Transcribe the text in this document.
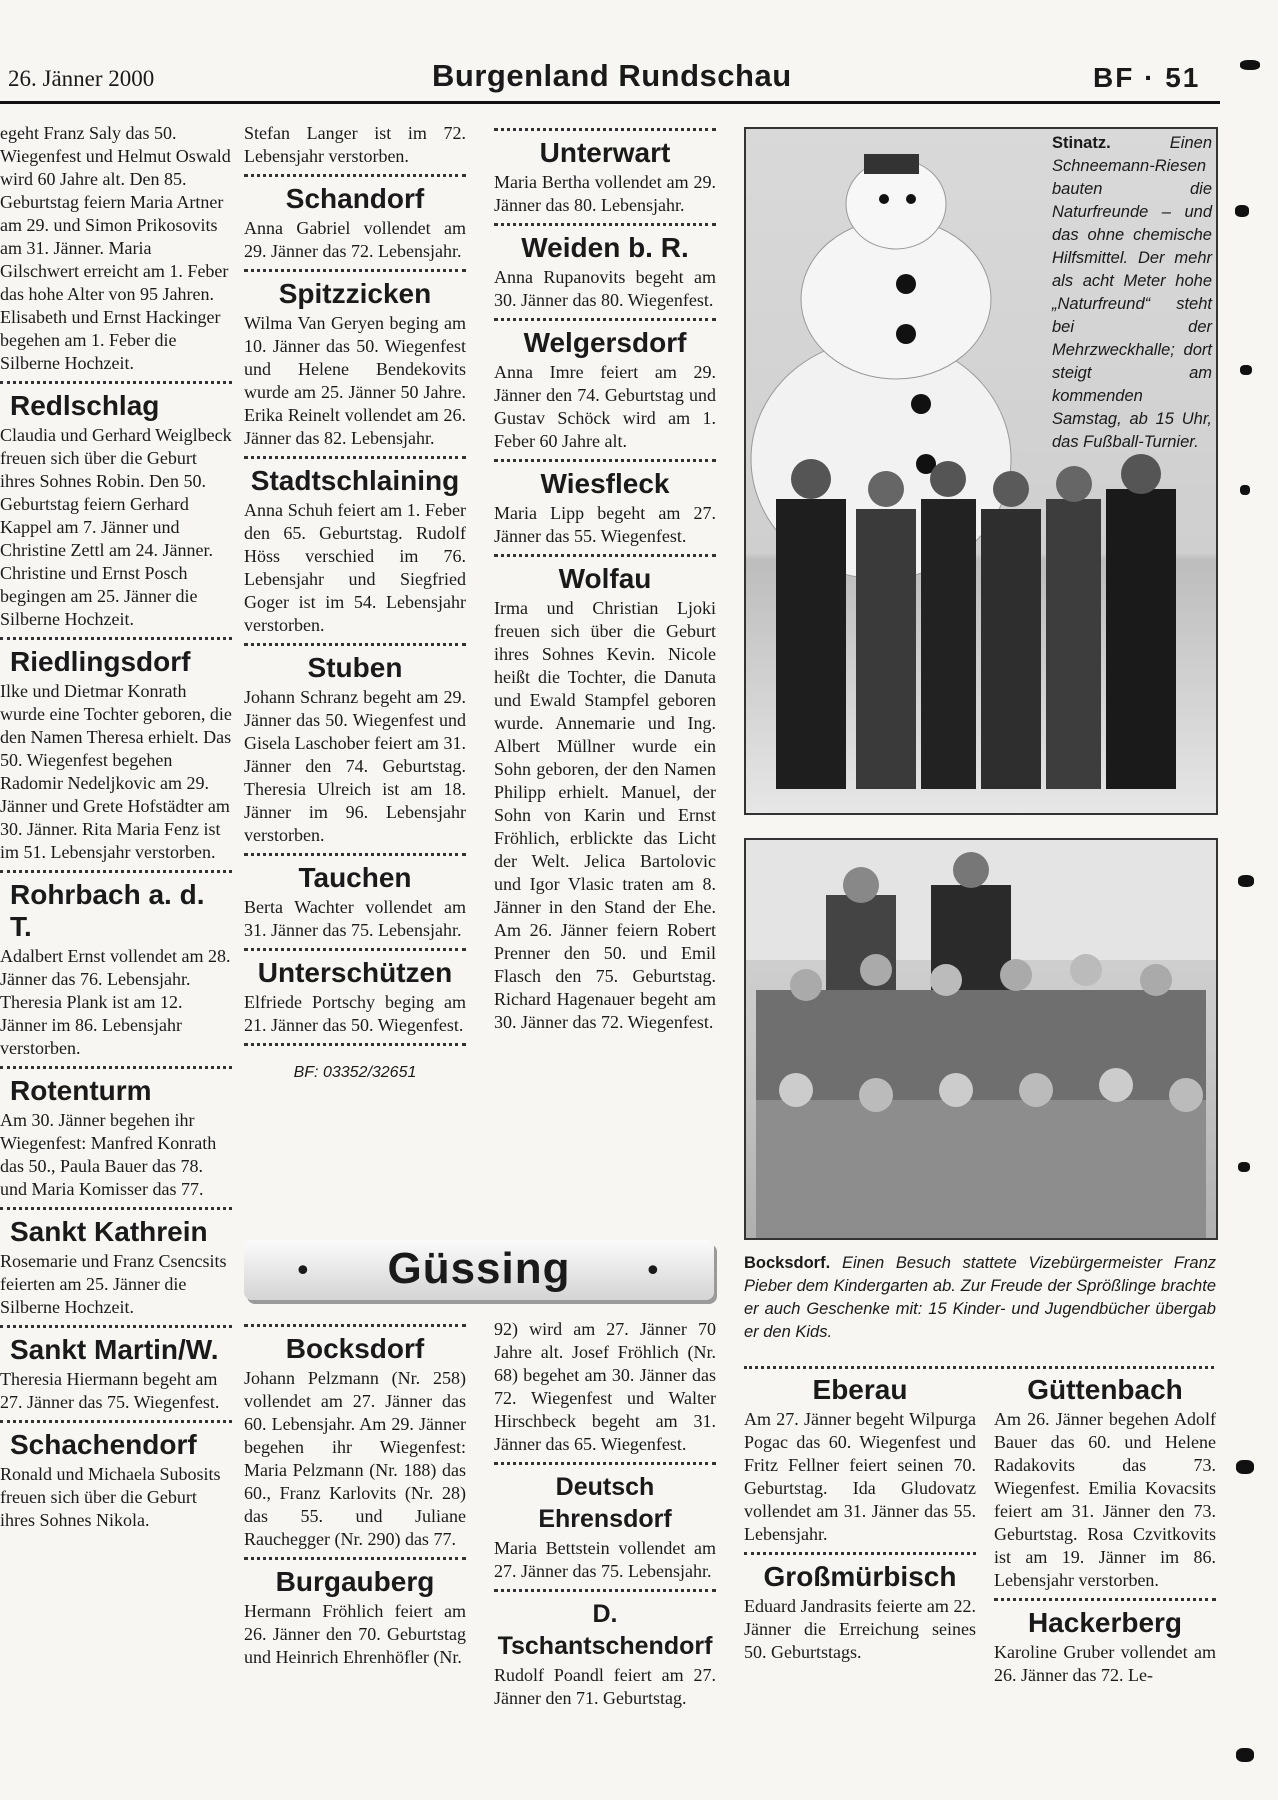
26. Jänner 2000	Burgenland Rundschau	BF · 51
egeht Franz Saly das 50. Wiegenfest und Helmut Oswald wird 60 Jahre alt. Den 85. Geburtstag feiern Maria Artner am 29. und Simon Prikosovits am 31. Jänner. Maria Gilschwert erreicht am 1. Feber das hohe Alter von 95 Jahren. Elisabeth und Ernst Hackinger begehen am 1. Feber die Silberne Hochzeit.
Redlschlag
Claudia und Gerhard Weiglbeck freuen sich über die Geburt ihres Sohnes Robin. Den 50. Geburtstag feiern Gerhard Kappel am 7. Jänner und Christine Zettl am 24. Jänner. Christine und Ernst Posch begingen am 25. Jänner die Silberne Hochzeit.
Riedlingsdorf
Ilke und Dietmar Konrath wurde eine Tochter geboren, die den Namen Theresa erhielt. Das 50. Wiegenfest begehen Radomir Nedeljkovic am 29. Jänner und Grete Hofstädter am 30. Jänner. Rita Maria Fenz ist im 51. Lebensjahr verstorben.
Rohrbach a. d. T.
Adalbert Ernst vollendet am 28. Jänner das 76. Lebensjahr. Theresia Plank ist am 12. Jänner im 86. Lebensjahr verstorben.
Rotenturm
Am 30. Jänner begehen ihr Wiegenfest: Manfred Konrath das 50., Paula Bauer das 78. und Maria Komisser das 77.
Sankt Kathrein
Rosemarie und Franz Csencsits feierten am 25. Jänner die Silberne Hochzeit.
Sankt Martin/W.
Theresia Hiermann begeht am 27. Jänner das 75. Wiegenfest.
Schachendorf
Ronald und Michaela Subosits freuen sich über die Geburt ihres Sohnes Nikola.
Stefan Langer ist im 72. Lebensjahr verstorben.
Schandorf
Anna Gabriel vollendet am 29. Jänner das 72. Lebensjahr.
Spitzzicken
Wilma Van Geryen beging am 10. Jänner das 50. Wiegenfest und Helene Bendekovits wurde am 25. Jänner 50 Jahre. Erika Reinelt vollendet am 26. Jänner das 82. Lebensjahr.
Stadtschlaining
Anna Schuh feiert am 1. Feber den 65. Geburtstag. Rudolf Höss verschied im 76. Lebensjahr und Siegfried Goger ist im 54. Lebensjahr verstorben.
Stuben
Johann Schranz begeht am 29. Jänner das 50. Wiegenfest und Gisela Laschober feiert am 31. Jänner den 74. Geburtstag. Theresia Ulreich ist am 18. Jänner im 96. Lebensjahr verstorben.
Tauchen
Berta Wachter vollendet am 31. Jänner das 75. Lebensjahr.
Unterschützen
Elfriede Portschy beging am 21. Jänner das 50. Wiegenfest.
BF: 03352/32651
Unterwart
Maria Bertha vollendet am 29. Jänner das 80. Lebensjahr.
Weiden b. R.
Anna Rupanovits begeht am 30. Jänner das 80. Wiegenfest.
Welgersdorf
Anna Imre feiert am 29. Jänner den 74. Geburtstag und Gustav Schöck wird am 1. Feber 60 Jahre alt.
Wiesfleck
Maria Lipp begeht am 27. Jänner das 55. Wiegenfest.
Wolfau
Irma und Christian Ljoki freuen sich über die Geburt ihres Sohnes Kevin. Nicole heißt die Tochter, die Danuta und Ewald Stampfel geboren wurde. Annemarie und Ing. Albert Müllner wurde ein Sohn geboren, der den Namen Philipp erhielt. Manuel, der Sohn von Karin und Ernst Fröhlich, erblickte das Licht der Welt. Jelica Bartolovic und Igor Vlasic traten am 8. Jänner in den Stand der Ehe. Am 26. Jänner feiern Robert Prenner den 50. und Emil Flasch den 75. Geburtstag. Richard Hagenauer begeht am 30. Jänner das 72. Wiegenfest.
Stinatz.	Einen Schneemann-Riesen bauten die Naturfreunde – und das ohne chemische Hilfsmittel. Der mehr als acht Meter hohe „Naturfreund“ steht bei der Mehrzweckhalle; dort steigt am kommenden Samstag, ab 15 Uhr, das Fußball-Turnier.
Bocksdorf. Einen Besuch stattete Vizebürgermeister Franz Pieber dem Kindergarten ab. Zur Freude der Sprößlinge brachte er auch Geschenke mit: 15 Kinder- und Jugendbücher übergab er den Kids.
•	Güssing	•
Bocksdorf
Johann Pelzmann (Nr. 258) vollendet am 27. Jänner das 60. Lebensjahr. Am 29. Jänner begehen ihr Wiegenfest: Maria Pelzmann (Nr. 188) das 60., Franz Karlovits (Nr. 28) das 55. und Juliane Rauchegger (Nr. 290) das 77.
Burgauberg
Hermann Fröhlich feiert am 26. Jänner den 70. Geburtstag und Heinrich Ehrenhöfler (Nr.
92) wird am 27. Jänner 70 Jahre alt. Josef Fröhlich (Nr. 68) begehet am 30. Jänner das 72. Wiegenfest und Walter Hirschbeck begeht am 31. Jänner das 65. Wiegenfest.
Deutsch Ehrensdorf
Maria Bettstein vollendet am 27. Jänner das 75. Lebensjahr.
D. Tschantschendorf
Rudolf Poandl feiert am 27. Jänner den 71. Geburtstag.
Eberau
Am 27. Jänner begeht Wilpurga Pogac das 60. Wiegenfest und Fritz Fellner feiert seinen 70. Geburtstag. Ida Gludovatz vollendet am 31. Jänner das 55. Lebensjahr.
Großmürbisch
Eduard Jandrasits feierte am 22. Jänner die Erreichung seines 50. Geburtstags.
Güttenbach
Am 26. Jänner begehen Adolf Bauer das 60. und Helene Radakovits das 73. Wiegenfest. Emilia Kovacsits feiert am 31. Jänner den 73. Geburtstag. Rosa Czvitkovits ist am 19. Jänner im 86. Lebensjahr verstorben.
Hackerberg
Karoline Gruber vollendet am 26. Jänner das 72. Le-
